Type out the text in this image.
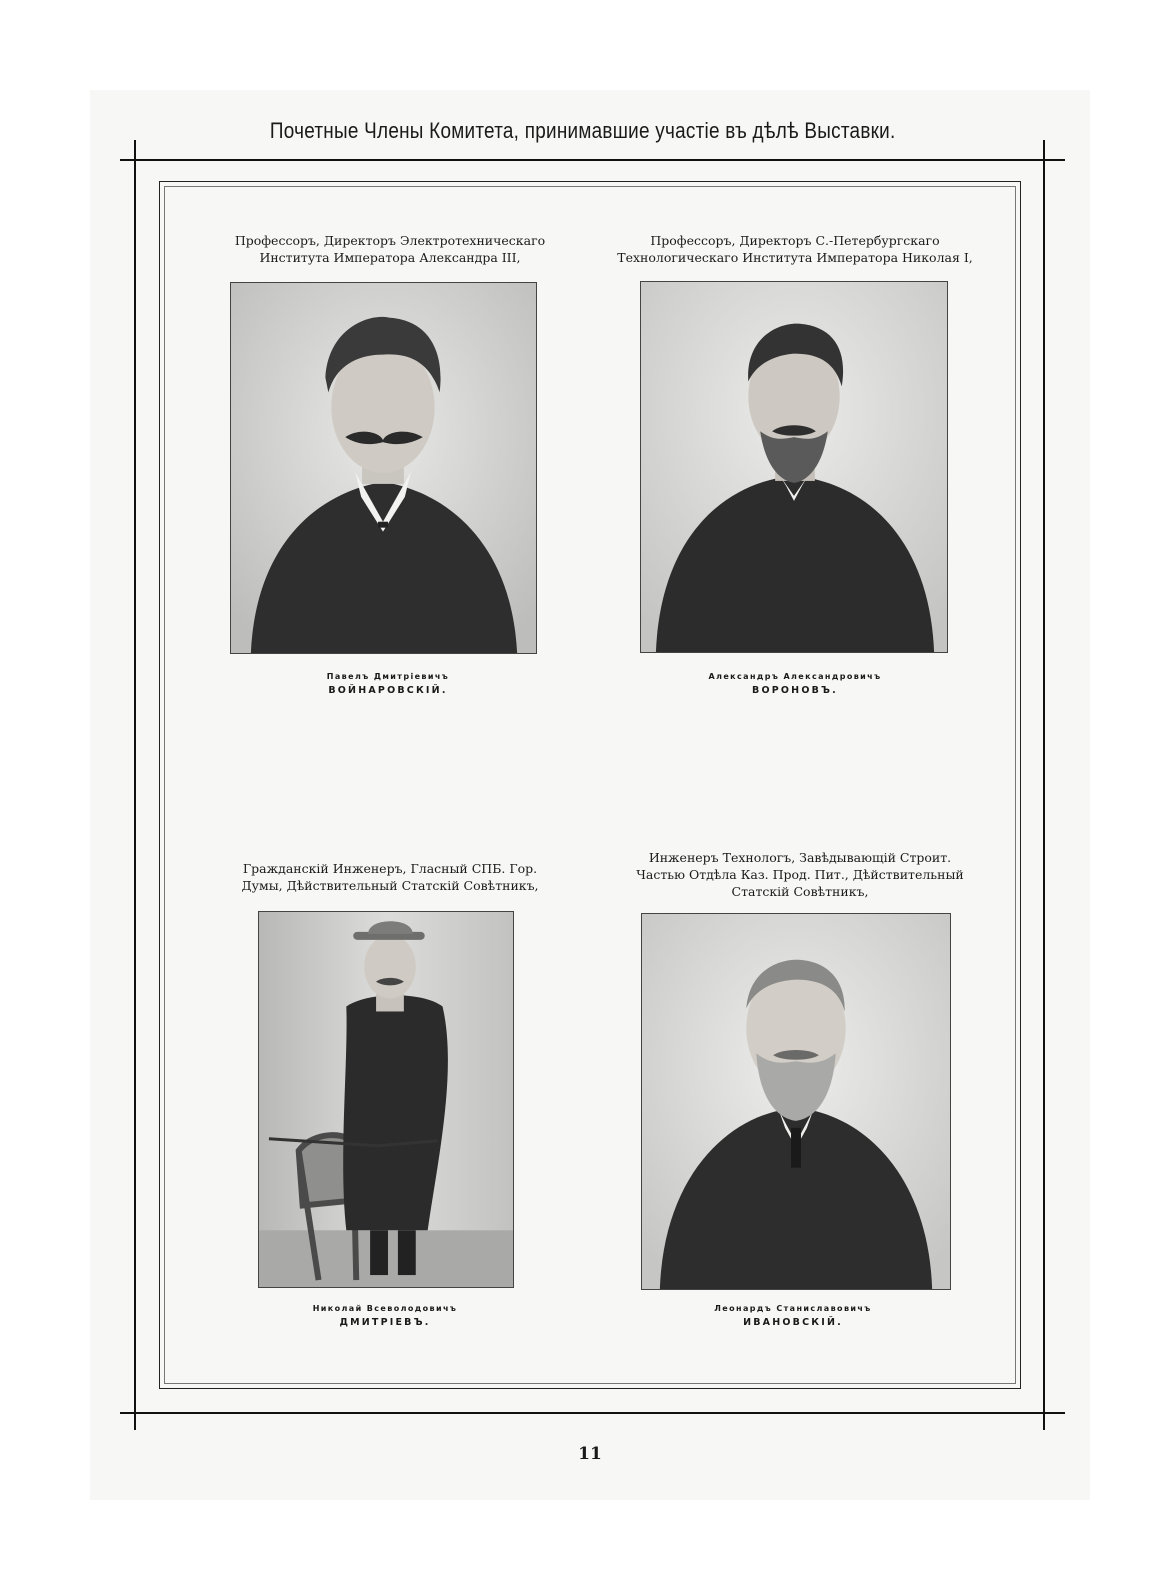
Почетные Члены Комитета, принимавшие участіе въ дѣлѣ Выставки.
Профессоръ, Директоръ Электротехническаго
Института Императора Александра III,
Павелъ Дмитріевичъ
ВОЙНАРОВСКІЙ.
Профессоръ, Директоръ С.-Петербургскаго
Технологическаго Института Императора Николая I,
Александръ Александровичъ
ВОРОНОВЪ.
Гражданскій Инженеръ, Гласный СПБ. Гор.
Думы, Дѣйствительный Статскій Совѣтникъ,
Николай Всеволодовичъ
ДМИТРІЕВЪ.
Инженеръ Технологъ, Завѣдывающій Строит.
Частью Отдѣла Каз. Прод. Пит., Дѣйствительный
Статскій Совѣтникъ,
Леонардъ Станиславовичъ
ИВАНОВСКІЙ.
11
